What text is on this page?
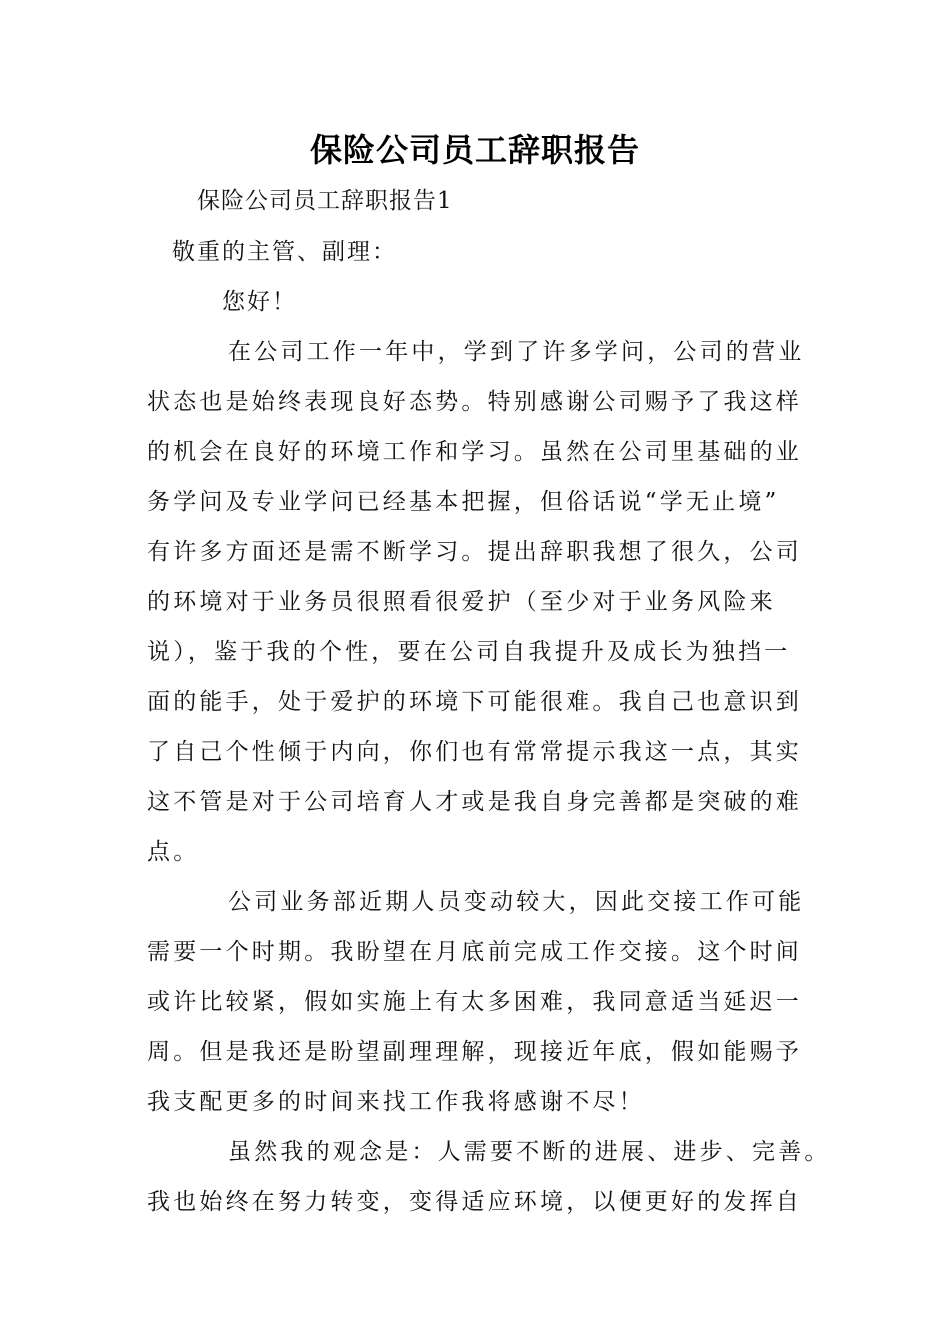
保险公司员工辞职报告
保险公司员工辞职报告1
敬重的主管、副理：
您好！
在公司工作一年中，学到了许多学问，公司的营业
状态也是始终表现良好态势。特别感谢公司赐予了我这样
的机会在良好的环境工作和学习。虽然在公司里基础的业
务学问及专业学问已经基本把握，但俗话说“学无止境”
有许多方面还是需不断学习。提出辞职我想了很久，公司
的环境对于业务员很照看很爱护（至少对于业务风险来
说），鉴于我的个性，要在公司自我提升及成长为独挡一
面的能手，处于爱护的环境下可能很难。我自己也意识到
了自己个性倾于内向，你们也有常常提示我这一点，其实
这不管是对于公司培育人才或是我自身完善都是突破的难
点。
公司业务部近期人员变动较大，因此交接工作可能
需要一个时期。我盼望在月底前完成工作交接。这个时间
或许比较紧，假如实施上有太多困难，我同意适当延迟一
周。但是我还是盼望副理理解，现接近年底，假如能赐予
我支配更多的时间来找工作我将感谢不尽！
虽然我的观念是：人需要不断的进展、进步、完善。
我也始终在努力转变，变得适应环境，以便更好的发挥自
